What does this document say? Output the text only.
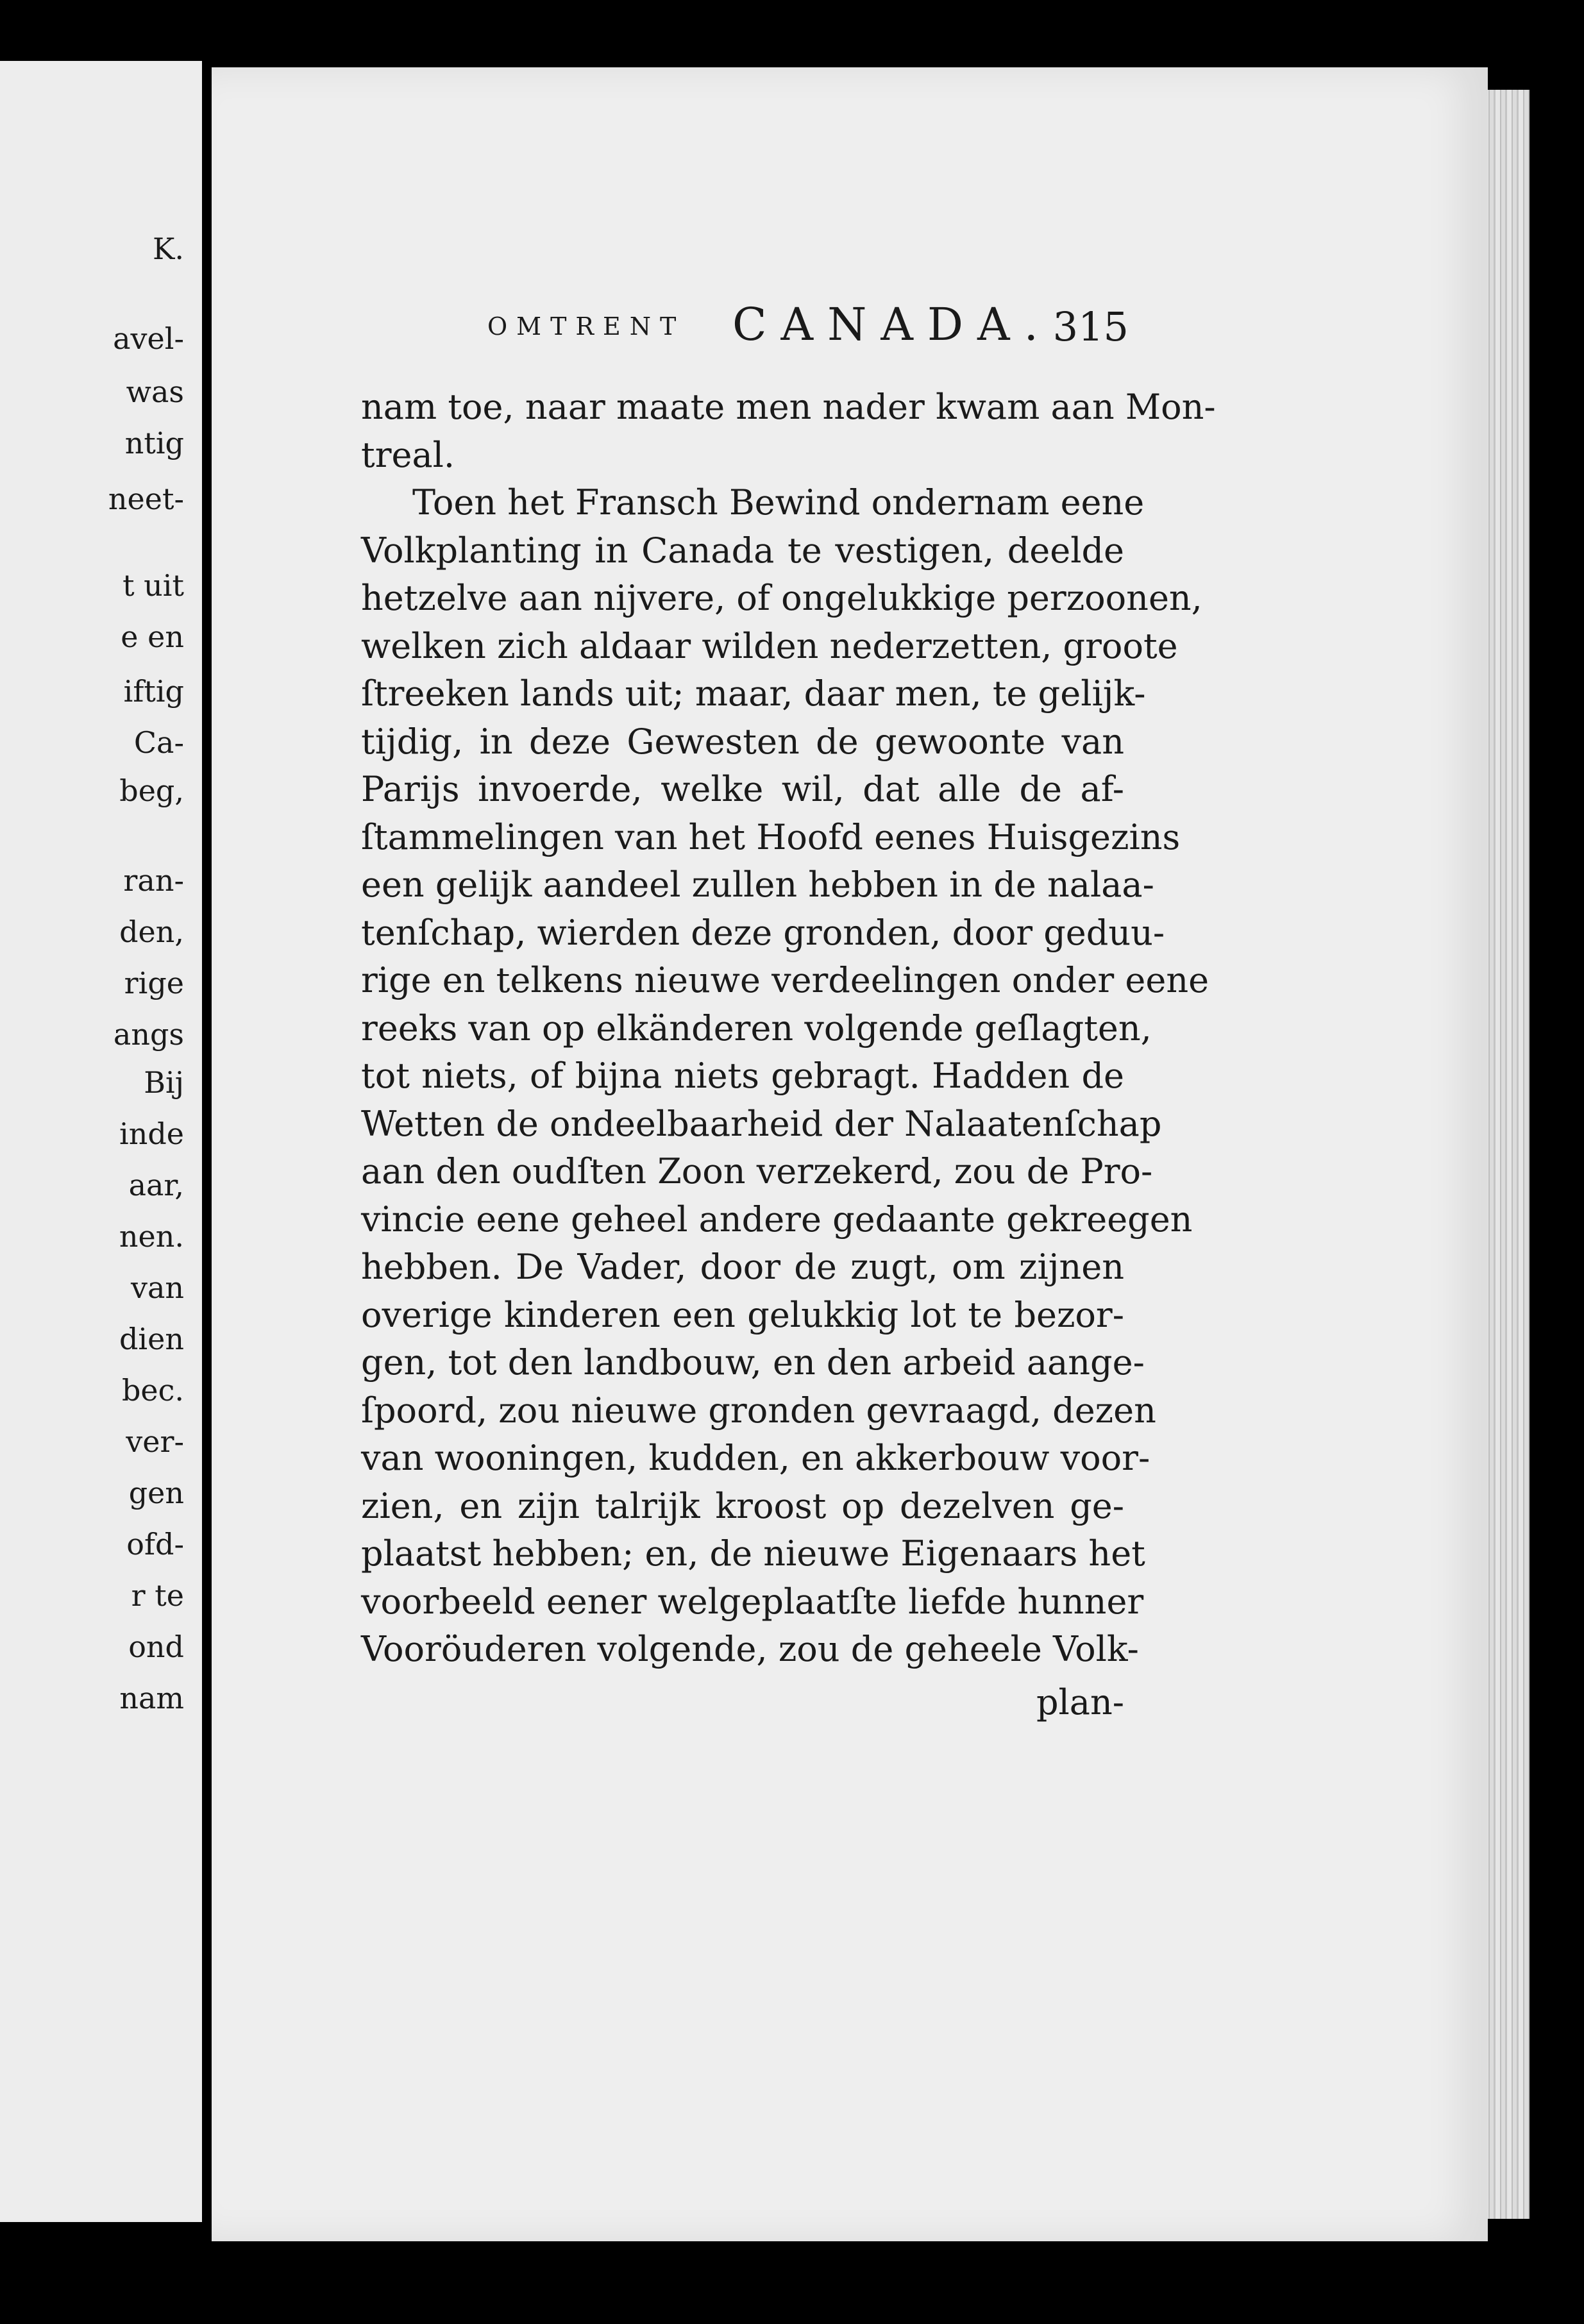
K.
avel-
was
ntig
neet-
t uit
e en
iftig
Ca-
beg,
ran-
den,
rige
angs
Bij
inde
aar,
nen.
van
dien
bec.
ver-
gen
ofd-
r te
ond
nam
OMTRENT CANADA. 315
nam toe, naar maate men nader kwam aan Mon-
treal.
Toen het Fransch Bewind ondernam eene
Volkplanting in Canada te vestigen, deelde
hetzelve aan nijvere, of ongelukkige perzoonen,
welken zich aldaar wilden nederzetten, groote
ſtreeken lands uit; maar, daar men, te gelijk-
tijdig, in deze Gewesten de gewoonte van
Parijs invoerde, welke wil, dat alle de af-
ſtammelingen van het Hoofd eenes Huisgezins
een gelijk aandeel zullen hebben in de nalaa-
tenſchap, wierden deze gronden, door geduu-
rige en telkens nieuwe verdeelingen onder eene
reeks van op elkänderen volgende geſlagten,
tot niets, of bijna niets gebragt. Hadden de
Wetten de ondeelbaarheid der Nalaatenſchap
aan den oudſten Zoon verzekerd, zou de Pro-
vincie eene geheel andere gedaante gekreegen
hebben. De Vader, door de zugt, om zijnen
overige kinderen een gelukkig lot te bezor-
gen, tot den landbouw, en den arbeid aange-
ſpoord, zou nieuwe gronden gevraagd, dezen
van wooningen, kudden, en akkerbouw voor-
zien, en zijn talrijk kroost op dezelven ge-
plaatst hebben; en, de nieuwe Eigenaars het
voorbeeld eener welgeplaatſte liefde hunner
Vooröuderen volgende, zou de geheele Volk-
plan-
